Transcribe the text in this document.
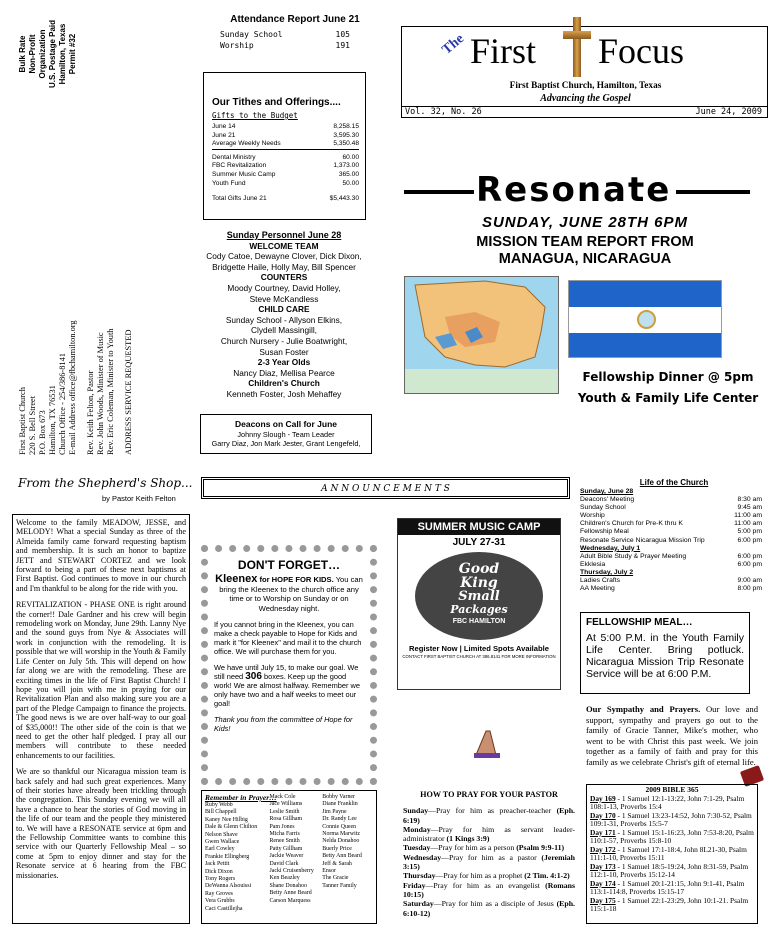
Bulk Rate Non-Profit Organization U.S. Postage Paid Hamilton, Texas Permit #32
First Baptist Church 220 S. Bell Street P.O. Box 673 Hamilton, TX 76531 Church Office - 254/386-8141 E-mail Address office@fbchamilton.org Rev. Keith Felton, Pastor Rev. John Woods, Minister of Music Rev. Eric Coleman, Minister to Youth ADDRESS SERVICE REQUESTED
Attendance Report June 21
Sunday School	105
Worship	191
Our Tithes and Offerings....
Gifts to the Budget
June 14	8,258.15
June 21	3,595.30
Average Weekly Needs	5,350.48
Dental Ministry	60.00
FBC Revitalization	1,373.00
Summer Music Camp	365.00
Youth Fund	50.00
Total Gifts June 21	$5,443.30
Sunday Personnel June 28
WELCOME TEAM
Cody Catoe, Dewayne Clover, Dick Dixon,
Bridgette Haile, Holly May, Bill Spencer
COUNTERS
Moody Courtney, David Holley,
Steve McKandless
CHILD CARE
Sunday School - Allyson Elkins,
Clydell Massingill,
Church Nursery - Julie Boatwright,
Susan Foster
2-3 Year Olds
Nancy Diaz, Mellisa Pearce
Children's Church
Kenneth Foster, Josh Mehaffey
Deacons on Call for June
Johnny Slough - Team Leader
Garry Diaz, Jon Mark Jester, Grant Lengefeld,
The First Focus
First Baptist Church, Hamilton, Texas
Advancing the Gospel
Vol. 32, No. 26	June 24, 2009
Resonate
SUNDAY, JUNE 28TH 6PM
MISSION TEAM REPORT FROM
MANAGUA, NICARAGUA
Fellowship Dinner @ 5pm
Youth & Family Life Center
From the Shepherd's Shop...
by Pastor Keith Felton
A N N O U N C E M E N T S

Welcome to the family MEADOW, JESSE, and MELODY! What a special Sunday as three of the Almeida family came forward requesting baptism and membership. It is such an honor to baptize JETT and STEWART CORTEZ and we look forward to being a part of these next baptisms at First Baptist. God continues to move in our church and I'm thankful to be along for the ride with you.

REVITALIZATION - PHASE ONE is right around the corner!! Dale Gardner and his crew will begin remodeling work on Monday, June 29th. Lanny Nye and the sound guys from Nye & Associates will work in conjunction with the remodeling. It is possible that we will worship in the Youth & Family Life Center on July 5th. This will depend on how far along we are with the remodeling. These are exciting times in the life of First Baptist Church! I hope you will join with me in praying for our Revitalization Plan and also making sure you are a part of the Pledge Campaign to finance the projects. The good news is we are over half-way to our goal of $35,000!! The other side of the coin is that we need to get the other half pledged. I pray all our members will contribute to these needed enhancements to our facilities.

We are so thankful our Nicaragua mission team is back safely and had such great experiences. Many of their stories have already been trickling through the congregation. This Sunday evening we will all have a chance to hear the stories of God moving in the life of our team and the people they ministered to. We will have a RESONATE service at 6pm and the Fellowship Committee wants to combine this service with our Quarterly Fellowship Meal – so come at 5pm to enjoy dinner and stay for the Resonate service at 6 hearing from the FBC missionaries.

DON'T FORGET…
Kleenex for HOPE FOR KIDS. You can bring the Kleenex to the church office any time or to Worship on Sunday or on Wednesday night.
If you cannot bring in the Kleenex, you can make a check payable to Hope for Kids and mark it "for Kleenex" and mail it to the church office. We will purchase them for you.
We have until July 15, to make our goal. We still need 306 boxes. Keep up the good work! We are almost halfway. Remember we only have two and a half weeks to meet our goal!
Thank you from the committee of Hope for Kids!
SUMMER MUSIC CAMP
JULY 27-31
Good
King
Small
Packages
FBC HAMILTON
Register Now | Limited Spots Available
CONTACT FIRST BAPTIST CHURCH AT 386.8141 FOR MORE INFORMATION
Life of the Church
Sunday, June 28
Deacons' Meeting	8:30 am
Sunday School	9:45 am
Worship	11:00 am
Children's Church for Pre-K thru K	11:00 am
Fellowship Meal	5:00 pm
Resonate Service Nicaragua Mission Trip	6:00 pm
Wednesday, July 1
Adult Bible Study & Prayer Meeting	6:00 pm
Ekklesia	6:00 pm
Thursday, July 2
Ladies Crafts	9:00 am
AA Meeting	8:00 pm
FELLOWSHIP MEAL…
At 5:00 P.M. in the Youth Family Life Center. Bring potluck. Nicaragua Mission Trip Resonate Service will be at 6:00 P.M.
Our Sympathy and Prayers. Our love and support, sympathy and prayers go out to the family of Gracie Tanner, Mike's mother, who went to be with Christ this past week. We join together as a family of faith and pray for this family as we celebrate Christ's gift of eternal life.
Remember in Prayer…
Ruby Webb
Bill Chappell
Kaney Nee Hilbig
Dale & Glenn Chilton
Nelson Shave
Gwen Wallace
Earl Cowley
Frankie Ellingberg
Jack Pettit
Dick Dixon
Tony Rogers
DeWanna Alsouissi
Ray Groves
Vera Grubbs
Caci Castillejha
Mack Cole
Jace Williams
Leslie Smith
Rosa Gillham
Pam Jones
Micha Farris
Renee Smith
Patty Gillham
Jackie Weaver
David Clark
Jacki Cruisenberry
Ken Beazley
Shane Donahoo
Betty Anne Beard
Carson Marquess
Bobby Varner
Diane Franklin
Jim Payne
Dr. Randy Lee
Connie Queen
Norma Marwitz
Nelda Donahoo
Buerly Price
Betty Ann Beard
Jeff & Sarah
Ensor
The Gracie
Tanner Family
HOW TO PRAY FOR YOUR PASTOR
Sunday—Pray for him as preacher-teacher (Eph. 6:19)
Monday—Pray for him as servant leader-administrator (1 Kings 3:9)
Tuesday—Pray for him as a person (Psalm 9:9-11)
Wednesday—Pray for him as a pastor (Jeremiah 3:15)
Thursday—Pray for him as a prophet (2 Tim. 4:1-2)
Friday—Pray for him as an evangelist (Romans 10:15)
Saturday—Pray for him as a disciple of Jesus (Eph. 6:10-12)
2009 BIBLE 365
Day 169 - 1 Samuel 12:1-13:22, John 7:1-29, Psalm 108:1-13, Proverbs 15:4
Day 170 - 1 Samuel 13:23-14:52, John 7:30-52, Psalm 109:1-31, Proverbs 15:5-7
Day 171 - 1 Samuel 15:1-16:23, John 7:53-8:20, Psalm 110:1-57, Proverbs 15:8-10
Day 172 - 1 Samuel 17:1-18:4, John 8L21-30, Psalm 111:1-10, Proverbs 15:11
Day 173 - 1 Samuel 18:5-19:24, John 8:31-59, Psalm 112:1-10, Proverbs 15:12-14
Day 174 - 1 Samuel 20:1-21:15, John 9:1-41, Psalm 113:1-114:8, Proverbs 15:15-17
Day 175 - 1 Samuel 22:1-23:29, John 10:1-21. Psalm 115:1-18
